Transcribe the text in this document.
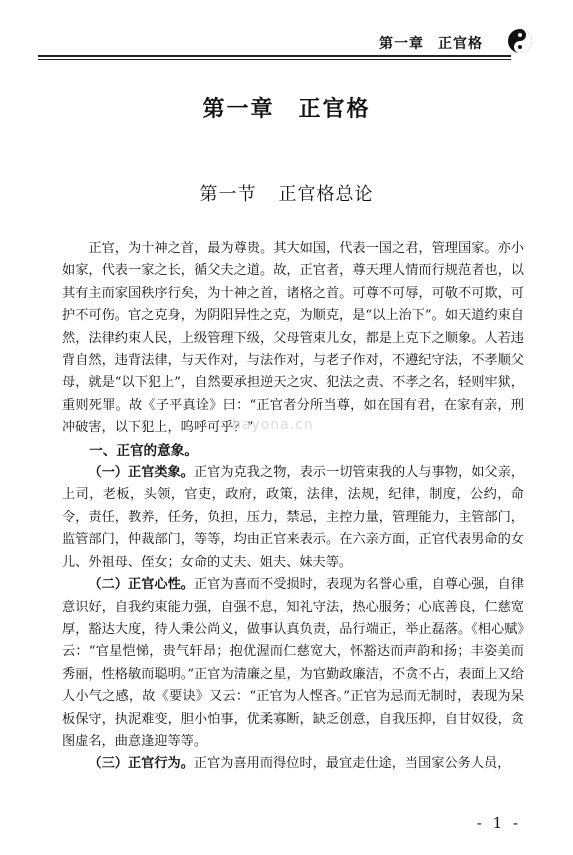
第一章 正官格
第一章 正官格
第一节 正官格总论

正官，为十神之首，最为尊贵。其大如国，代表一国之君，管理国家。亦小如家，代表一家之长，循父夫之道。故，正官者，尊天理人情而行规范者也，以其有主而家国秩序行矣，为十神之首，诸格之首。可尊不可辱，可敬不可欺，可护不可伤。官之克身，为阴阳异性之克，为顺克，是“以上治下”。如天道约束自然，法律约束人民，上级管理下级，父母管束儿女，都是上克下之顺象。人若违背自然，违背法律，与天作对，与法作对，与老子作对，不遵纪守法，不孝顺父母，就是“以下犯上”，自然要承担逆天之灾、犯法之责、不孝之名，轻则牢狱，重则死罪。故《子平真诠》曰：“正官者分所当尊，如在国有君，在家有亲，刑冲破害，以下犯上，呜呼可乎？”

一、正官的意象。

（一）正官类象。正官为克我之物，表示一切管束我的人与事物，如父亲，上司，老板，头领，官吏，政府，政策，法律，法规，纪律，制度，公约，命令，责任，教养，任务，负担，压力，禁忌，主控力量，管理能力，主管部门，监管部门，仲裁部门，等等，均由正官来表示。在六亲方面，正官代表男命的女儿、外祖母、侄女；女命的丈夫、姐夫、妹夫等。

（二）正官心性。正官为喜而不受损时，表现为名誉心重，自尊心强，自律意识好，自我约束能力强，自强不息，知礼守法，热心服务；心底善良，仁慈宽厚，豁达大度，待人秉公尚义，做事认真负责，品行端正，举止磊落。《相心赋》云：“官星恺悌，贵气轩昂；抱优渥而仁慈宽大，怀豁达而声韵和扬；丰姿美而秀丽，性格敏而聪明。”正官为清廉之星，为官勤政廉洁，不贪不占，表面上又给人小气之感，故《要诀》又云：“正官为人悭吝。”正官为忌而无制时，表现为呆板保守，执泥难变，胆小怕事，优柔寡断，缺乏创意，自我压抑，自甘奴役，贪图虚名，曲意逢迎等等。

（三）正官行为。正官为喜用而得位时，最宜走仕途，当国家公务人员，

hayona.cn
- 1 -
